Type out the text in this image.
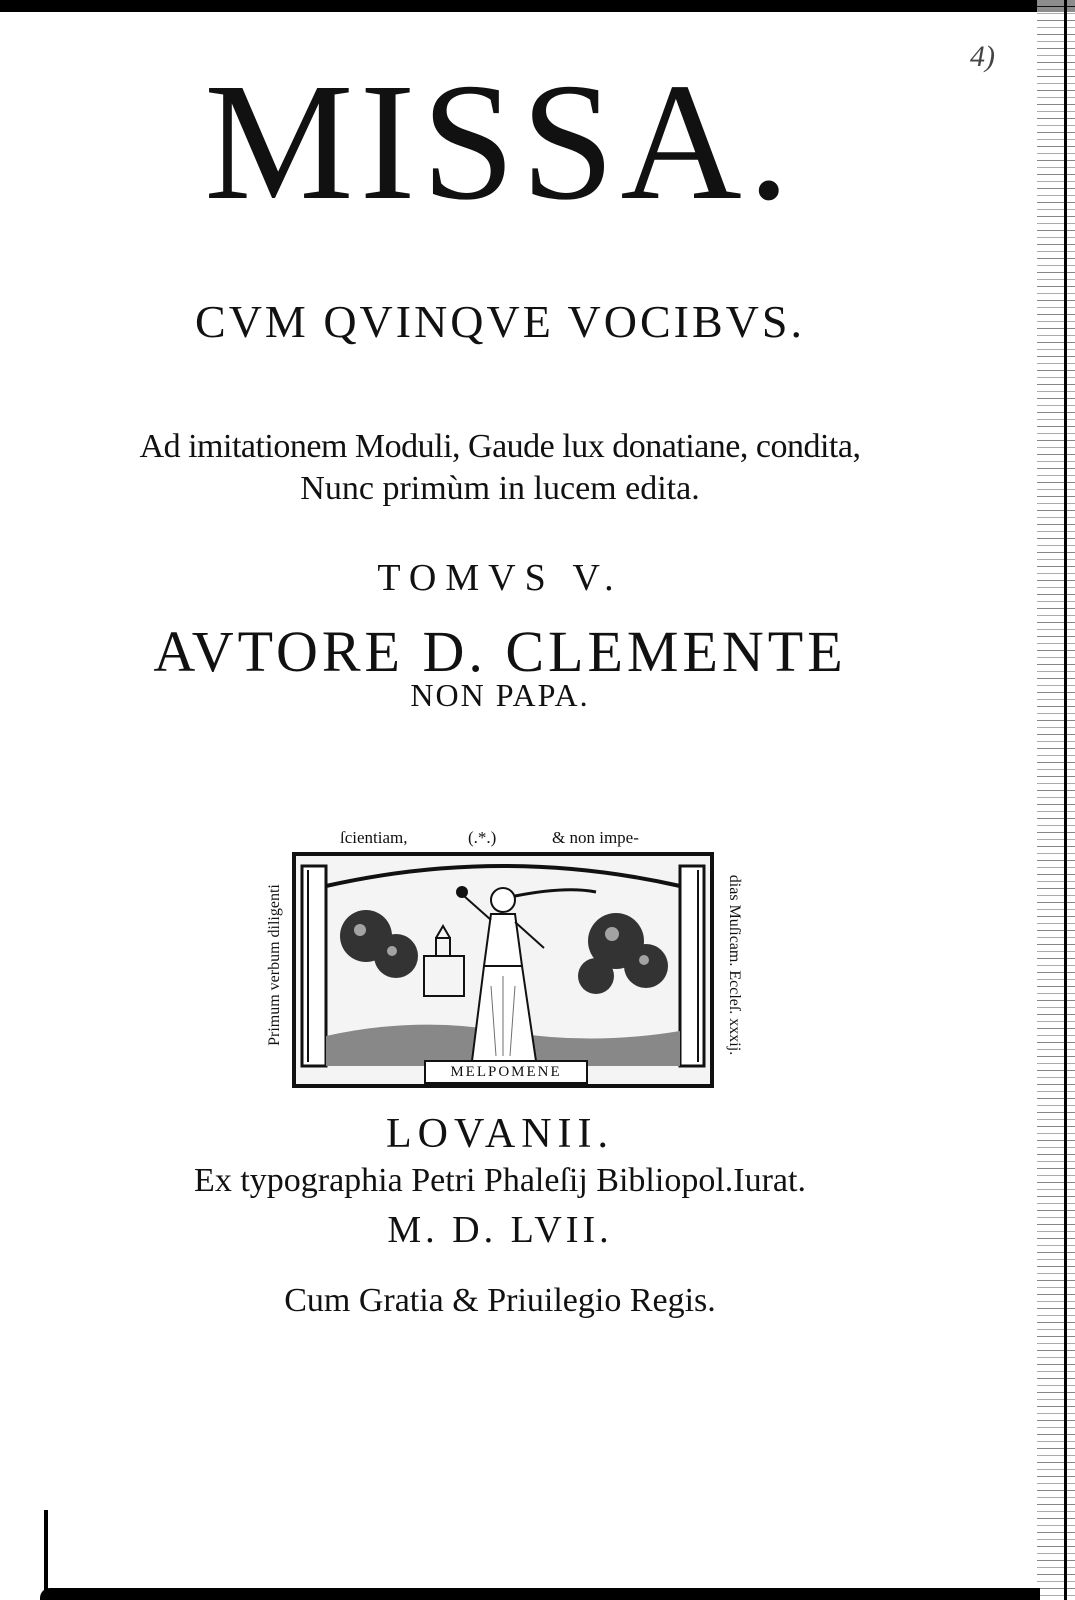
4)
MISSA.
CVM QVINQVE VOCIBVS.
Ad imitationem Moduli, Gaude lux donatiane, condita,
Nunc primùm in lucem edita.
TOMVS V.
AVTORE D. CLEMENTE
NON PAPA.
ſcientiam,	(.*.)	& non impe-
Primum verbum diligenti	dias Muſicam. Eccleſ. xxxij.
MELPOMENE
LOVANII.
Ex typographia Petri Phaleſij Bibliopol.Iurat.
M. D. LVII.
Cum Gratia & Priuilegio Regis.
